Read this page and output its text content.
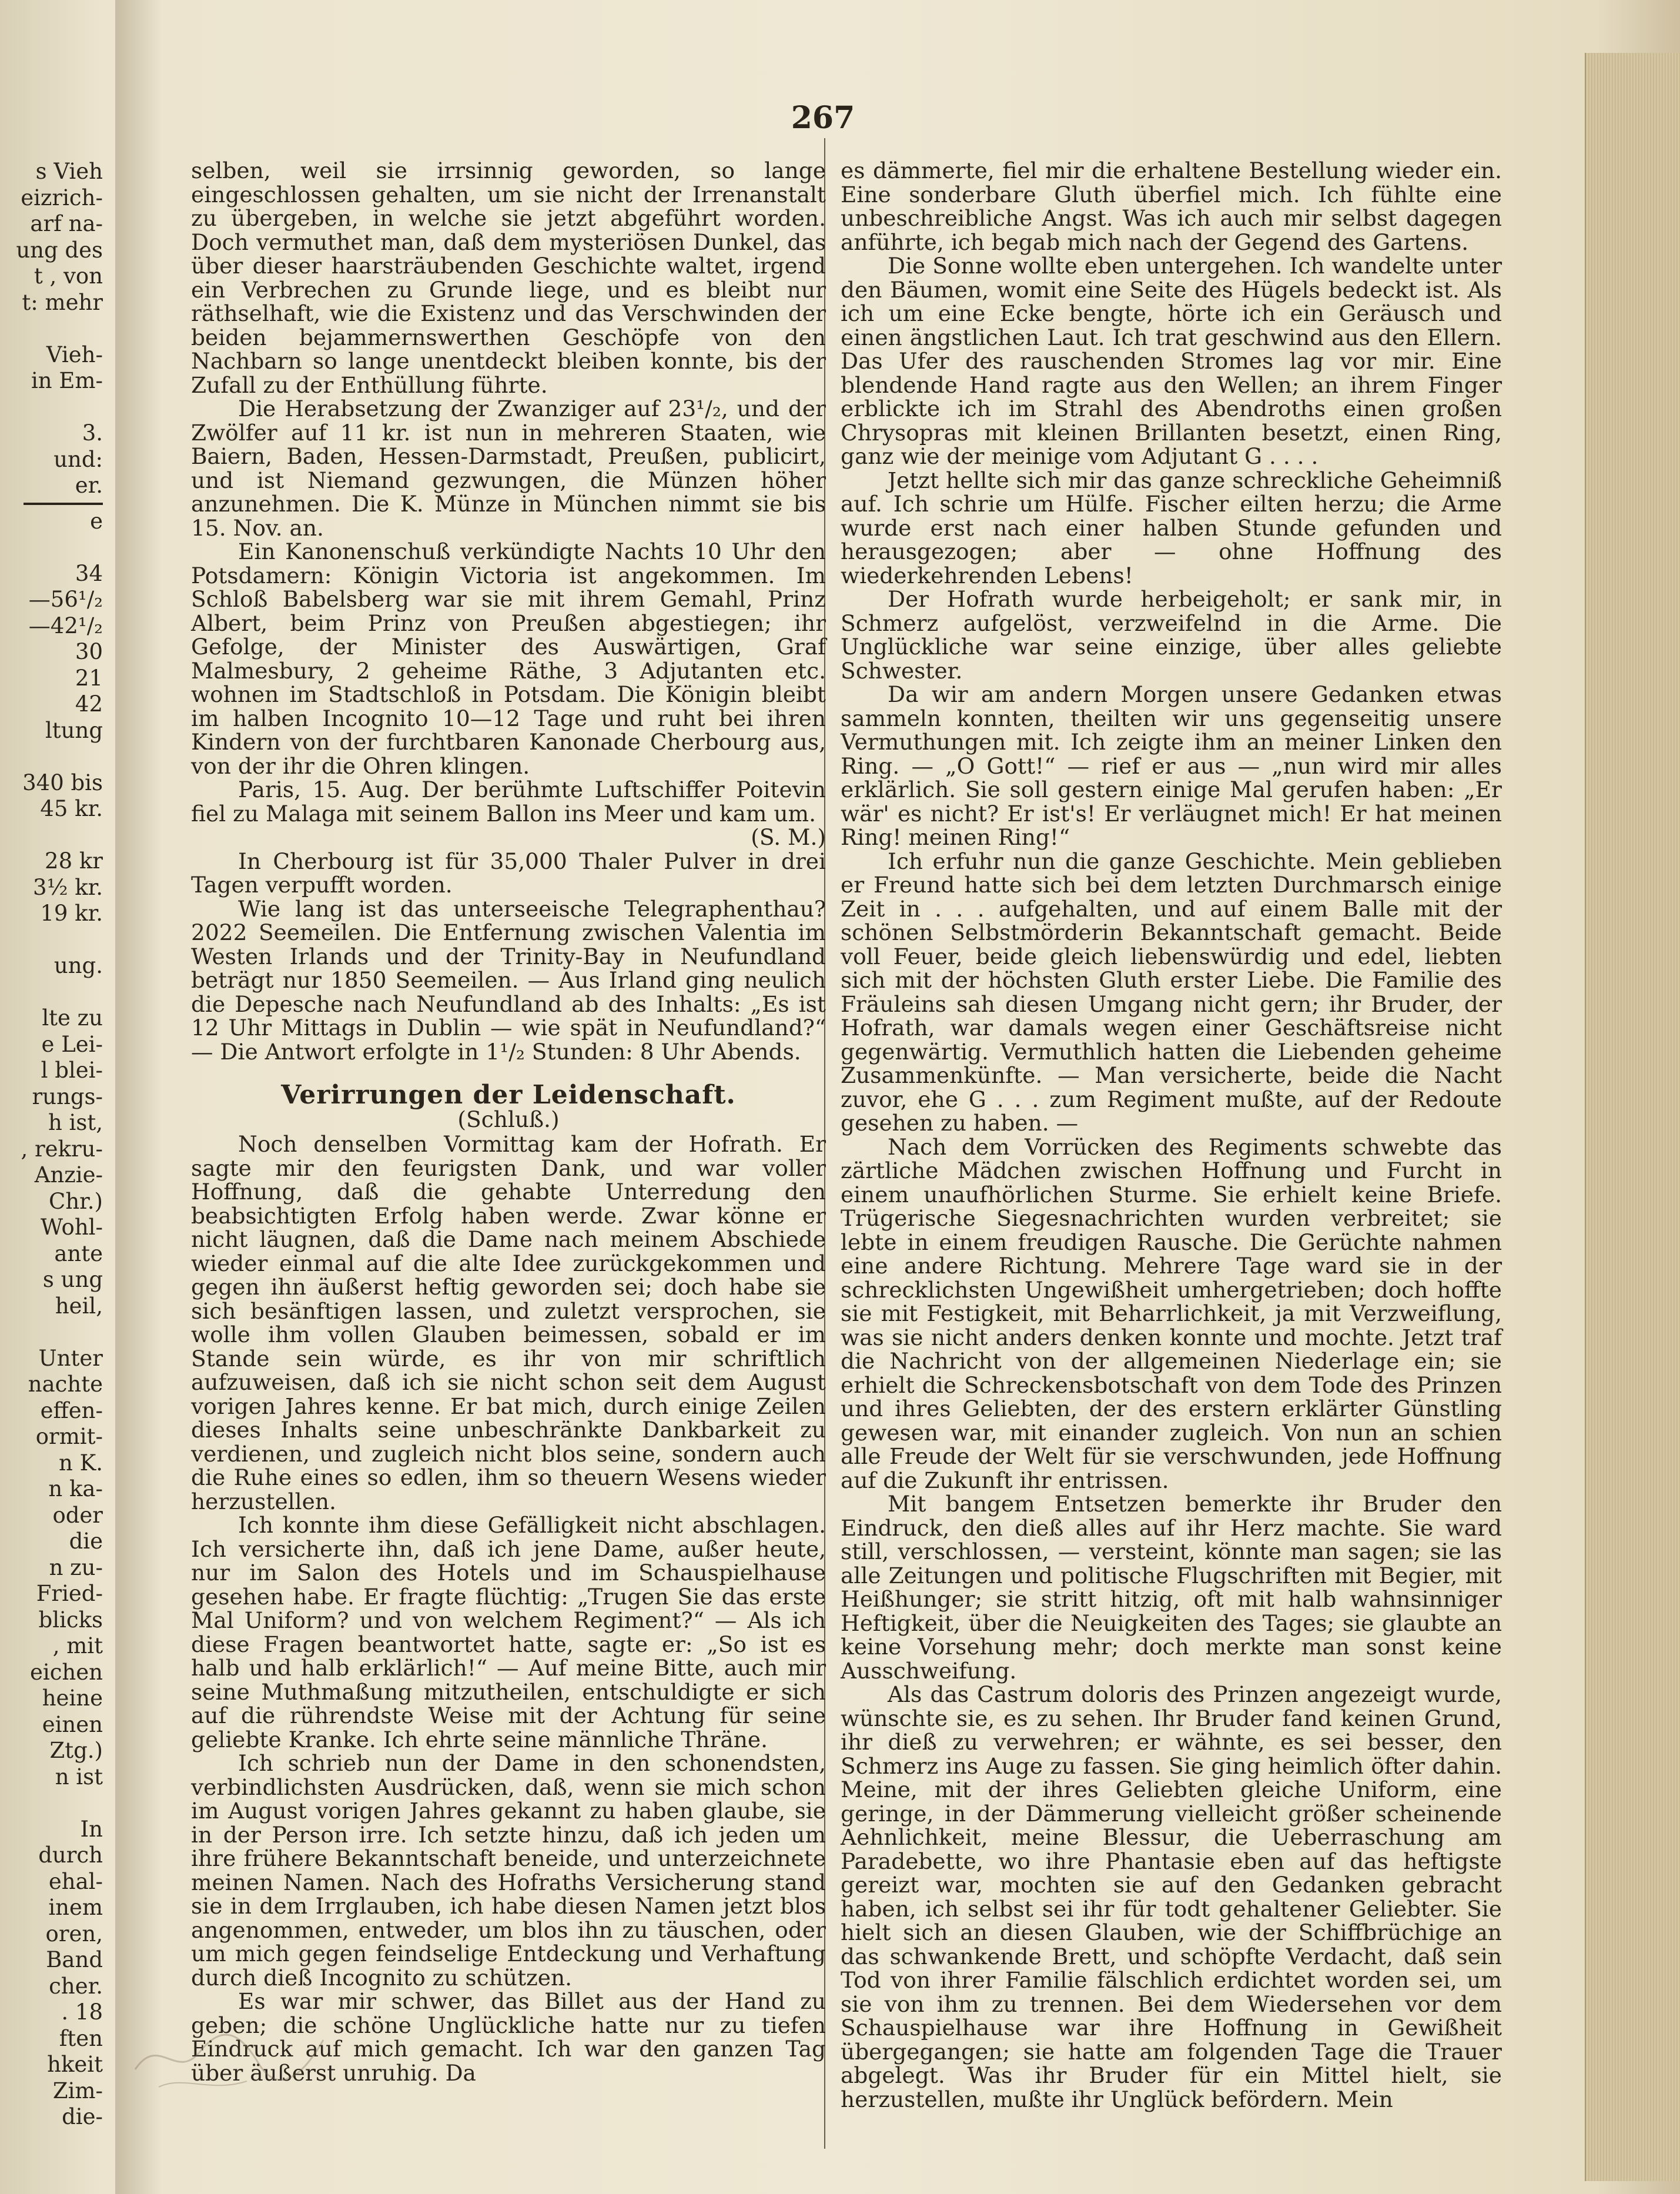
s Vieh
eizrich-
arf na-
ung des
t , von
t: mehr

Vieh-
in Em-

3.
und:
er.
e

34
—56¹/₂
—42¹/₂
30
21
42
ltung

340 bis
45 kr.

28 kr
3½ kr.
19 kr.

ung.

lte zu
e Lei-
l blei-
rungs-
h ist,
, rekru-
Anzie-
Chr.)
Wohl-
ante
s ung
heil,

Unter
nachte
effen-
ormit-
n K.
n ka-
oder
die
n zu-
Fried-
blicks
, mit
eichen
heine
einen
Ztg.)
n ist

In
durch
ehal-
inem
oren,
Band
cher.
. 18
ften
hkeit
Zim-
die-
267

selben, weil sie irrsinnig geworden, so lange eingeschlossen gehalten, um sie nicht der Irrenanstalt zu übergeben, in welche sie jetzt abgeführt worden. Doch vermuthet man, daß dem mysteriösen Dunkel, das über dieser haarsträubenden Geschichte waltet, irgend ein Verbrechen zu Grunde liege, und es bleibt nur räthselhaft, wie die Existenz und das Verschwinden der beiden bejammernswerthen Geschöpfe von den Nachbarn so lange unentdeckt bleiben konnte, bis der Zufall zu der Enthüllung führte.

Die Herabsetzung der Zwanziger auf 23¹/₂, und der Zwölfer auf 11 kr. ist nun in mehreren Staaten, wie Baiern, Baden, Hessen-Darmstadt, Preußen, publicirt, und ist Niemand gezwungen, die Münzen höher anzunehmen. Die K. Münze in München nimmt sie bis 15. Nov. an.

Ein Kanonenschuß verkündigte Nachts 10 Uhr den Potsdamern: Königin Victoria ist angekommen. Im Schloß Babelsberg war sie mit ihrem Gemahl, Prinz Albert, beim Prinz von Preußen abgestiegen; ihr Gefolge, der Minister des Auswärtigen, Graf Malmesbury, 2 geheime Räthe, 3 Adjutanten etc. wohnen im Stadtschloß in Potsdam. Die Königin bleibt im halben Incognito 10—12 Tage und ruht bei ihren Kindern von der furchtbaren Kanonade Cherbourg aus, von der ihr die Ohren klingen.

Paris, 15. Aug. Der berühmte Luftschiffer Poitevin fiel zu Malaga mit seinem Ballon ins Meer und kam um.

(S. M.)

In Cherbourg ist für 35,000 Thaler Pulver in drei Tagen verpufft worden.

Wie lang ist das unterseeische Telegraphenthau? 2022 Seemeilen. Die Entfernung zwischen Valentia im Westen Irlands und der Trinity-Bay in Neufundland beträgt nur 1850 Seemeilen. — Aus Irland ging neulich die Depesche nach Neufundland ab des Inhalts: „Es ist 12 Uhr Mittags in Dublin — wie spät in Neufundland?“ — Die Antwort erfolgte in 1¹/₂ Stunden: 8 Uhr Abends.

Verirrungen der Leidenschaft.
(Schluß.)

Noch denselben Vormittag kam der Hofrath. Er sagte mir den feurigsten Dank, und war voller Hoffnung, daß die gehabte Unterredung den beabsichtigten Erfolg haben werde. Zwar könne er nicht läugnen, daß die Dame nach meinem Abschiede wieder einmal auf die alte Idee zurückgekommen und gegen ihn äußerst heftig geworden sei; doch habe sie sich besänftigen lassen, und zuletzt versprochen, sie wolle ihm vollen Glauben beimessen, sobald er im Stande sein würde, es ihr von mir schriftlich aufzuweisen, daß ich sie nicht schon seit dem August vorigen Jahres kenne. Er bat mich, durch einige Zeilen dieses Inhalts seine unbeschränkte Dankbarkeit zu verdienen, und zugleich nicht blos seine, sondern auch die Ruhe eines so edlen, ihm so theuern Wesens wieder herzustellen.

Ich konnte ihm diese Gefälligkeit nicht abschlagen. Ich versicherte ihn, daß ich jene Dame, außer heute, nur im Salon des Hotels und im Schauspielhause gesehen habe. Er fragte flüchtig: „Trugen Sie das erste Mal Uniform? und von welchem Regiment?“ — Als ich diese Fragen beantwortet hatte, sagte er: „So ist es halb und halb erklärlich!“ — Auf meine Bitte, auch mir seine Muthmaßung mitzutheilen, entschuldigte er sich auf die rührendste Weise mit der Achtung für seine geliebte Kranke. Ich ehrte seine männliche Thräne.

Ich schrieb nun der Dame in den schonendsten, verbindlichsten Ausdrücken, daß, wenn sie mich schon im August vorigen Jahres gekannt zu haben glaube, sie in der Person irre. Ich setzte hinzu, daß ich jeden um ihre frühere Bekanntschaft beneide, und unterzeichnete meinen Namen. Nach des Hofraths Versicherung stand sie in dem Irrglauben, ich habe diesen Namen jetzt blos angenommen, entweder, um blos ihn zu täuschen, oder um mich gegen feindselige Entdeckung und Verhaftung durch dieß Incognito zu schützen.

Es war mir schwer, das Billet aus der Hand zu geben; die schöne Unglückliche hatte nur zu tiefen Eindruck auf mich gemacht. Ich war den ganzen Tag über äußerst unruhig. Da

es dämmerte, fiel mir die erhaltene Bestellung wieder ein. Eine sonderbare Gluth überfiel mich. Ich fühlte eine unbeschreibliche Angst. Was ich auch mir selbst dagegen anführte, ich begab mich nach der Gegend des Gartens.

Die Sonne wollte eben untergehen. Ich wandelte unter den Bäumen, womit eine Seite des Hügels bedeckt ist. Als ich um eine Ecke bengte, hörte ich ein Geräusch und einen ängstlichen Laut. Ich trat geschwind aus den Ellern. Das Ufer des rauschenden Stromes lag vor mir. Eine blendende Hand ragte aus den Wellen; an ihrem Finger erblickte ich im Strahl des Abendroths einen großen Chrysopras mit kleinen Brillanten besetzt, einen Ring, ganz wie der meinige vom Adjutant G . . . .

Jetzt hellte sich mir das ganze schreckliche Geheimniß auf. Ich schrie um Hülfe. Fischer eilten herzu; die Arme wurde erst nach einer halben Stunde gefunden und herausgezogen; aber — ohne Hoffnung des wiederkehrenden Lebens!

Der Hofrath wurde herbeigeholt; er sank mir, in Schmerz aufgelöst, verzweifelnd in die Arme. Die Unglückliche war seine einzige, über alles geliebte Schwester.

Da wir am andern Morgen unsere Gedanken etwas sammeln konnten, theilten wir uns gegenseitig unsere Vermuthungen mit. Ich zeigte ihm an meiner Linken den Ring. — „O Gott!“ — rief er aus — „nun wird mir alles erklärlich. Sie soll gestern einige Mal gerufen haben: „Er wär' es nicht? Er ist's! Er verläugnet mich! Er hat meinen Ring! meinen Ring!“

Ich erfuhr nun die ganze Geschichte. Mein geblieben er Freund hatte sich bei dem letzten Durchmarsch einige Zeit in . . . aufgehalten, und auf einem Balle mit der schönen Selbstmörderin Bekanntschaft gemacht. Beide voll Feuer, beide gleich liebenswürdig und edel, liebten sich mit der höchsten Gluth erster Liebe. Die Familie des Fräuleins sah diesen Umgang nicht gern; ihr Bruder, der Hofrath, war damals wegen einer Geschäftsreise nicht gegenwärtig. Vermuthlich hatten die Liebenden geheime Zusammenkünfte. — Man versicherte, beide die Nacht zuvor, ehe G . . . zum Regiment mußte, auf der Redoute gesehen zu haben. —

Nach dem Vorrücken des Regiments schwebte das zärtliche Mädchen zwischen Hoffnung und Furcht in einem unaufhörlichen Sturme. Sie erhielt keine Briefe. Trügerische Siegesnachrichten wurden verbreitet; sie lebte in einem freudigen Rausche. Die Gerüchte nahmen eine andere Richtung. Mehrere Tage ward sie in der schrecklichsten Ungewißheit umhergetrieben; doch hoffte sie mit Festigkeit, mit Beharrlichkeit, ja mit Verzweiflung, was sie nicht anders denken konnte und mochte. Jetzt traf die Nachricht von der allgemeinen Niederlage ein; sie erhielt die Schreckensbotschaft von dem Tode des Prinzen und ihres Geliebten, der des erstern erklärter Günstling gewesen war, mit einander zugleich. Von nun an schien alle Freude der Welt für sie verschwunden, jede Hoffnung auf die Zukunft ihr entrissen.

Mit bangem Entsetzen bemerkte ihr Bruder den Eindruck, den dieß alles auf ihr Herz machte. Sie ward still, verschlossen, — versteint, könnte man sagen; sie las alle Zeitungen und politische Flugschriften mit Begier, mit Heißhunger; sie stritt hitzig, oft mit halb wahnsinniger Heftigkeit, über die Neuigkeiten des Tages; sie glaubte an keine Vorsehung mehr; doch merkte man sonst keine Ausschweifung.

Als das Castrum doloris des Prinzen angezeigt wurde, wünschte sie, es zu sehen. Ihr Bruder fand keinen Grund, ihr dieß zu verwehren; er wähnte, es sei besser, den Schmerz ins Auge zu fassen. Sie ging heimlich öfter dahin. Meine, mit der ihres Geliebten gleiche Uniform, eine geringe, in der Dämmerung vielleicht größer scheinende Aehnlichkeit, meine Blessur, die Ueberraschung am Paradebette, wo ihre Phantasie eben auf das heftigste gereizt war, mochten sie auf den Gedanken gebracht haben, ich selbst sei ihr für todt gehaltener Geliebter. Sie hielt sich an diesen Glauben, wie der Schiffbrüchige an das schwankende Brett, und schöpfte Verdacht, daß sein Tod von ihrer Familie fälschlich erdichtet worden sei, um sie von ihm zu trennen. Bei dem Wiedersehen vor dem Schauspielhause war ihre Hoffnung in Gewißheit übergegangen; sie hatte am folgenden Tage die Trauer abgelegt. Was ihr Bruder für ein Mittel hielt, sie herzustellen, mußte ihr Unglück befördern. Mein
